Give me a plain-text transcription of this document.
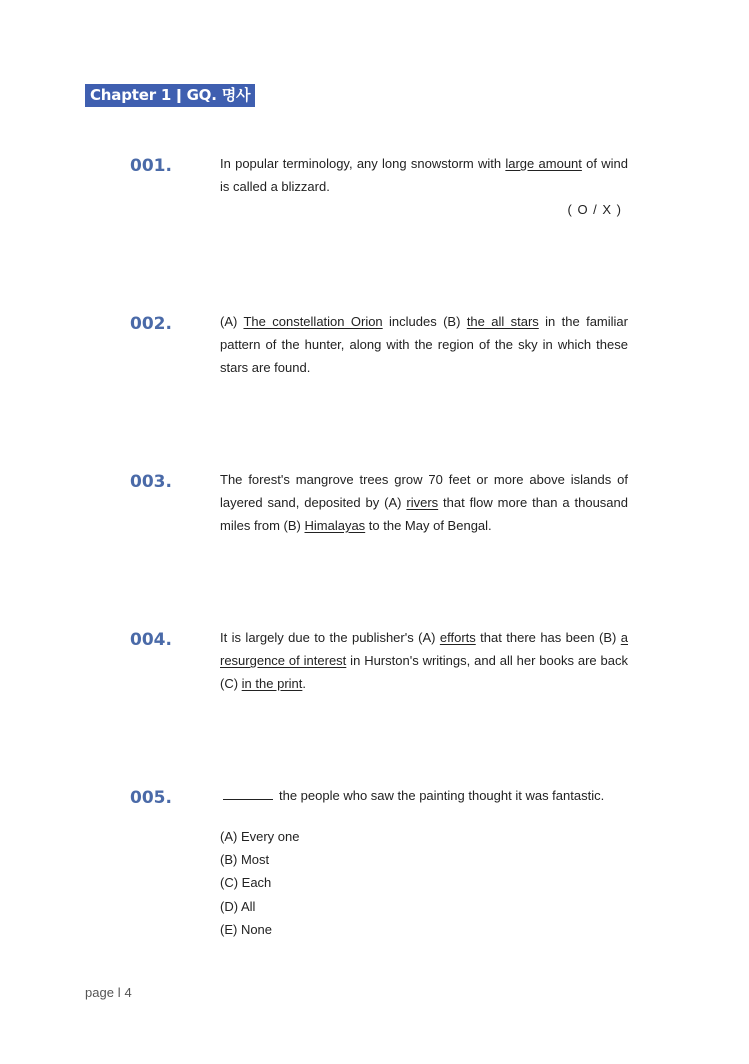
Chapter 1 ǀ GQ. 명사
001.	In popular terminology, any long snowstorm with large amount of wind is called a blizzard.
( O / X )
002.	(A) The constellation Orion includes (B) the all stars in the familiar pattern of the hunter, along with the region of the sky in which these stars are found.
003.	The forest's mangrove trees grow 70 feet or more above islands of layered sand, deposited by (A) rivers that flow more than a thousand miles from (B) Himalayas to the May of Bengal.
004.	It is largely due to the publisher's (A) efforts that there has been (B) a resurgence of interest in Hurston's writings, and all her books are back (C) in the print.
005.	the people who saw the painting thought it was fantastic.
(A) Every one
(B) Most
(C) Each
(D) All
(E) None
page ǀ 4
